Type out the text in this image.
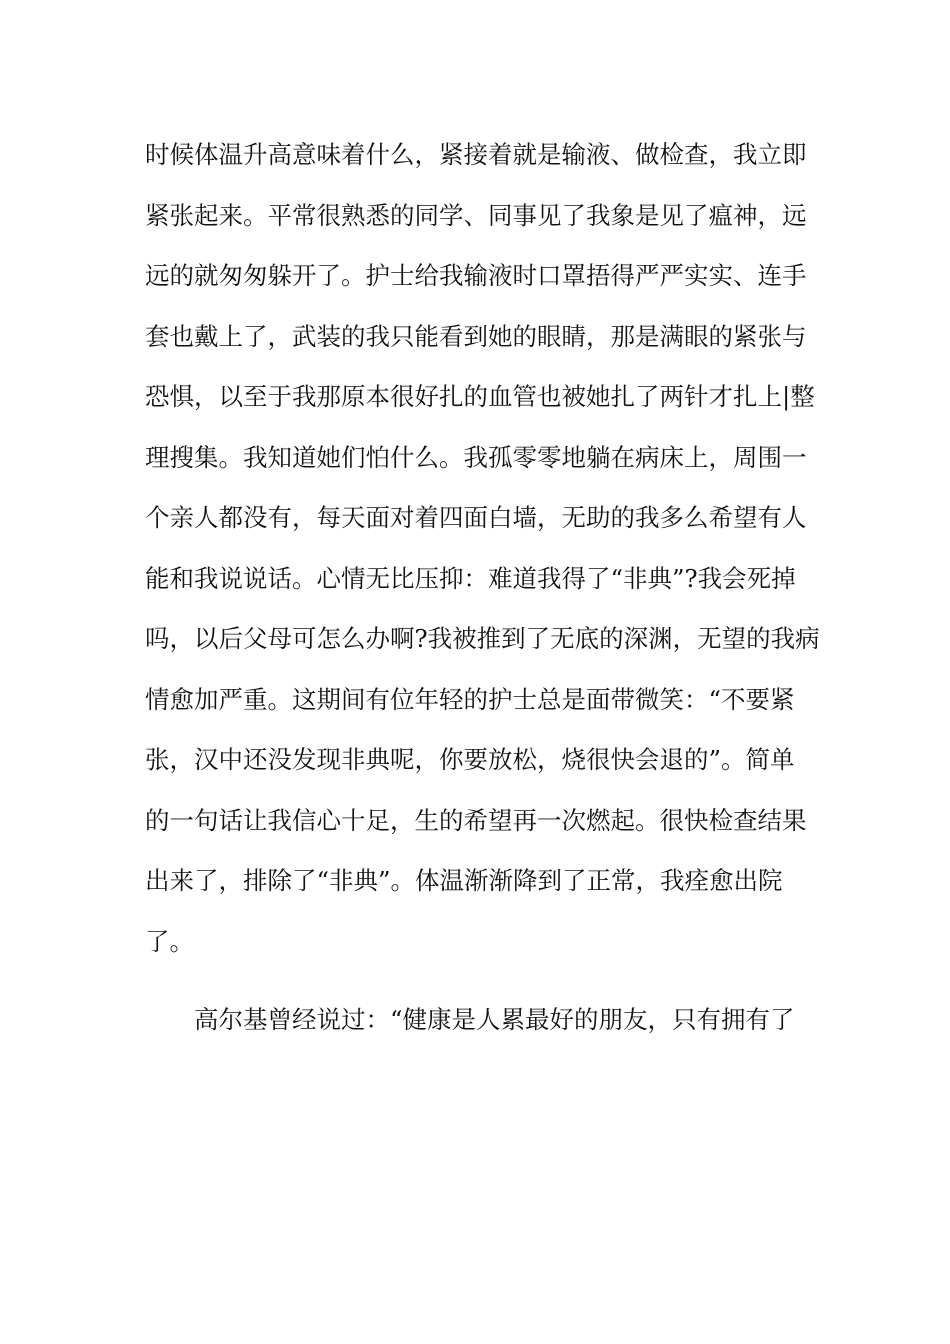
时候体温升高意味着什么，紧接着就是输液、做检查，我立即
紧张起来。平常很熟悉的同学、同事见了我象是见了瘟神，远
远的就匆匆躲开了。护士给我输液时口罩捂得严严实实、连手
套也戴上了，武装的我只能看到她的眼睛，那是满眼的紧张与
恐惧，以至于我那原本很好扎的血管也被她扎了两针才扎上|整
理搜集。我知道她们怕什么。我孤零零地躺在病床上，周围一
个亲人都没有，每天面对着四面白墙，无助的我多么希望有人
能和我说说话。心情无比压抑：难道我得了“非典”?我会死掉
吗，以后父母可怎么办啊?我被推到了无底的深渊，无望的我病
情愈加严重。这期间有位年轻的护士总是面带微笑：“不要紧
张，汉中还没发现非典呢，你要放松，烧很快会退的”。简单
的一句话让我信心十足，生的希望再一次燃起。很快检查结果
出来了，排除了“非典”。体温渐渐降到了正常，我痊愈出院
了。
高尔基曾经说过：“健康是人累最好的朋友，只有拥有了
